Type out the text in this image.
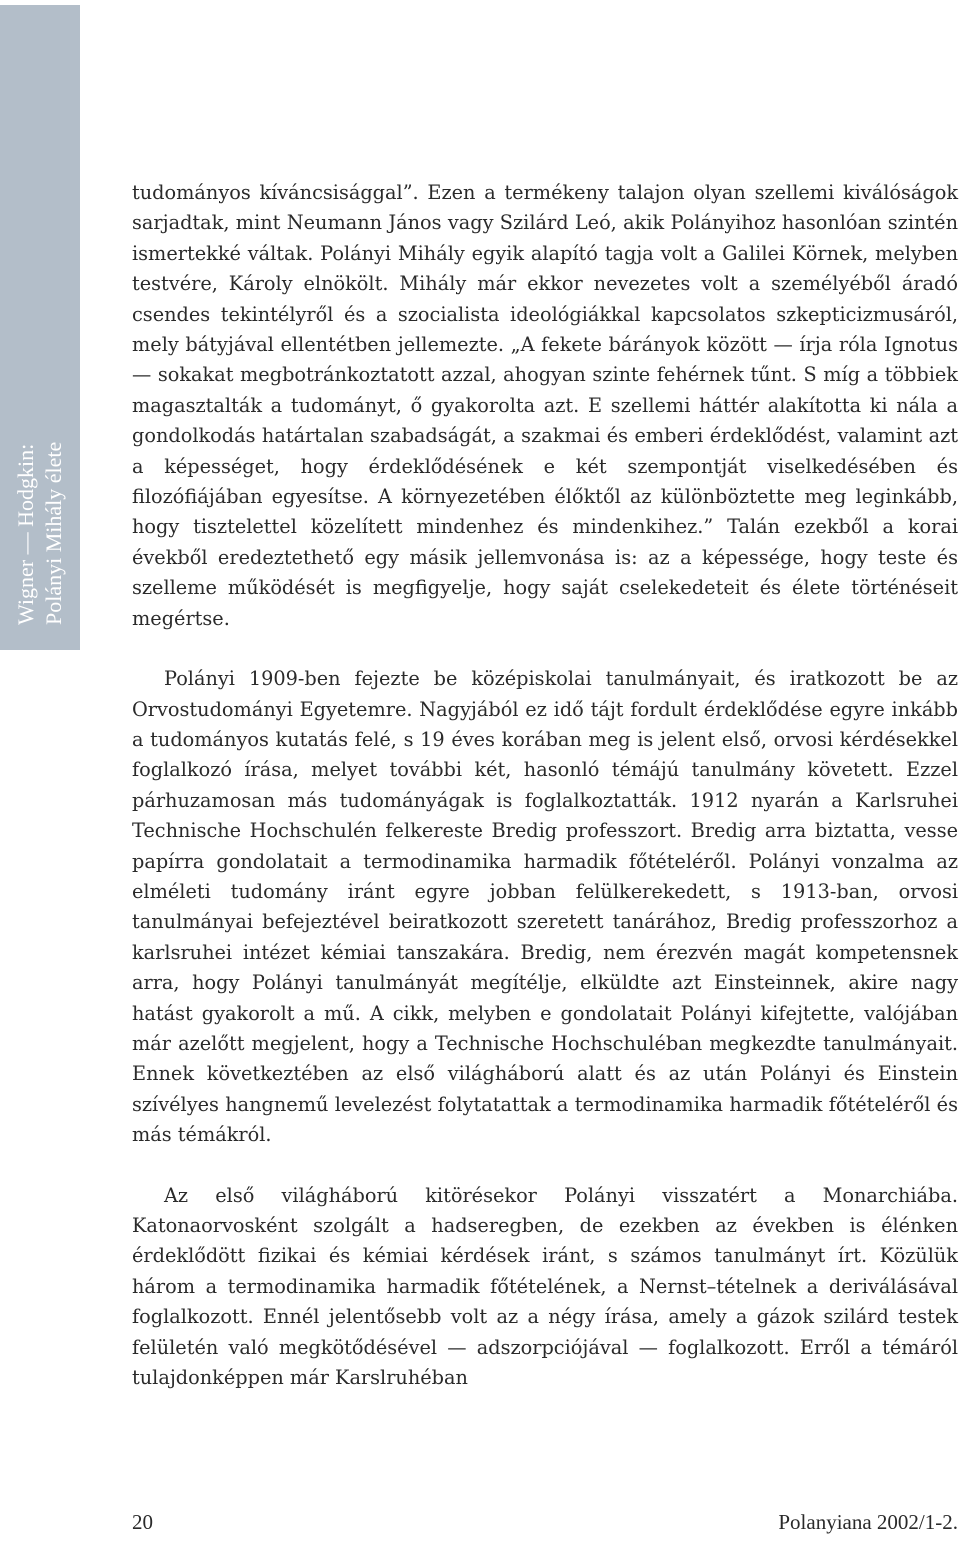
Wigner — Hodgkin: Polányi Mihály élete

tudományos kíváncsisággal”. Ezen a termékeny talajon olyan szellemi kiválóságok sarjadtak, mint Neumann János vagy Szilárd Leó, akik Polányihoz hasonlóan szintén ismertekké váltak. Polányi Mihály egyik alapító tagja volt a Galilei Körnek, melyben testvére, Károly elnökölt. Mihály már ekkor nevezetes volt a személyéből áradó csendes tekintélyről és a szocialista ideológiákkal kapcsolatos szkepticizmusáról, mely bátyjával ellentétben jellemezte. „A fekete bárányok között — írja róla Ignotus — sokakat megbotránkoztatott azzal, ahogyan szinte fehérnek tűnt. S míg a többiek magasztalták a tudományt, ő gyakorolta azt. E szellemi háttér alakította ki nála a gondolkodás határtalan szabadságát, a szakmai és emberi érdeklődést, valamint azt a képességet, hogy érdeklődésének e két szempontját viselkedésében és filozófiájában egyesítse. A környezetében élőktől az különböztette meg leginkább, hogy tisztelettel közelített mindenhez és mindenkihez.” Talán ezekből a korai évekből eredeztethető egy másik jellemvonása is: az a képessége, hogy teste és szelleme működését is megfigyelje, hogy saját cselekedeteit és élete történéseit megértse.

Polányi 1909-ben fejezte be középiskolai tanulmányait, és iratkozott be az Orvostudományi Egyetemre. Nagyjából ez idő tájt fordult érdeklődése egyre inkább a tudományos kutatás felé, s 19 éves korában meg is jelent első, orvosi kérdésekkel foglalkozó írása, melyet további két, hasonló témájú tanulmány követett. Ezzel párhuzamosan más tudományágak is foglalkoztatták. 1912 nyarán a Karlsruhei Technische Hochschulén felkereste Bredig professzort. Bredig arra biztatta, vesse papírra gondolatait a termodinamika harmadik főtételéről. Polányi vonzalma az elméleti tudomány iránt egyre jobban felülkerekedett, s 1913-ban, orvosi tanulmányai befejeztével beiratkozott szeretett tanárához, Bredig professzorhoz a karlsruhei intézet kémiai tanszakára. Bredig, nem érezvén magát kompetensnek arra, hogy Polányi tanulmányát megítélje, elküldte azt Einsteinnek, akire nagy hatást gyakorolt a mű. A cikk, melyben e gondolatait Polányi kifejtette, valójában már azelőtt megjelent, hogy a Technische Hochschuléban megkezdte tanulmányait. Ennek következtében az első világháború alatt és az után Polányi és Einstein szívélyes hangnemű levelezést folytatattak a termodinamika harmadik főtételéről és más témákról.

Az első világháború kitörésekor Polányi visszatért a Monarchiába. Katonaorvosként szolgált a hadseregben, de ezekben az években is élénken érdeklődött fizikai és kémiai kérdések iránt, s számos tanulmányt írt. Közülük három a termodinamika harmadik főtételének, a Nernst–tételnek a deriválásával foglalkozott. Ennél jelentősebb volt az a négy írása, amely a gázok szilárd testek felületén való megkötődésével — adszorpciójával — foglalkozott. Erről a témáról tulajdonképpen már Karslruhéban

20	Polanyiana 2002/1-2.
